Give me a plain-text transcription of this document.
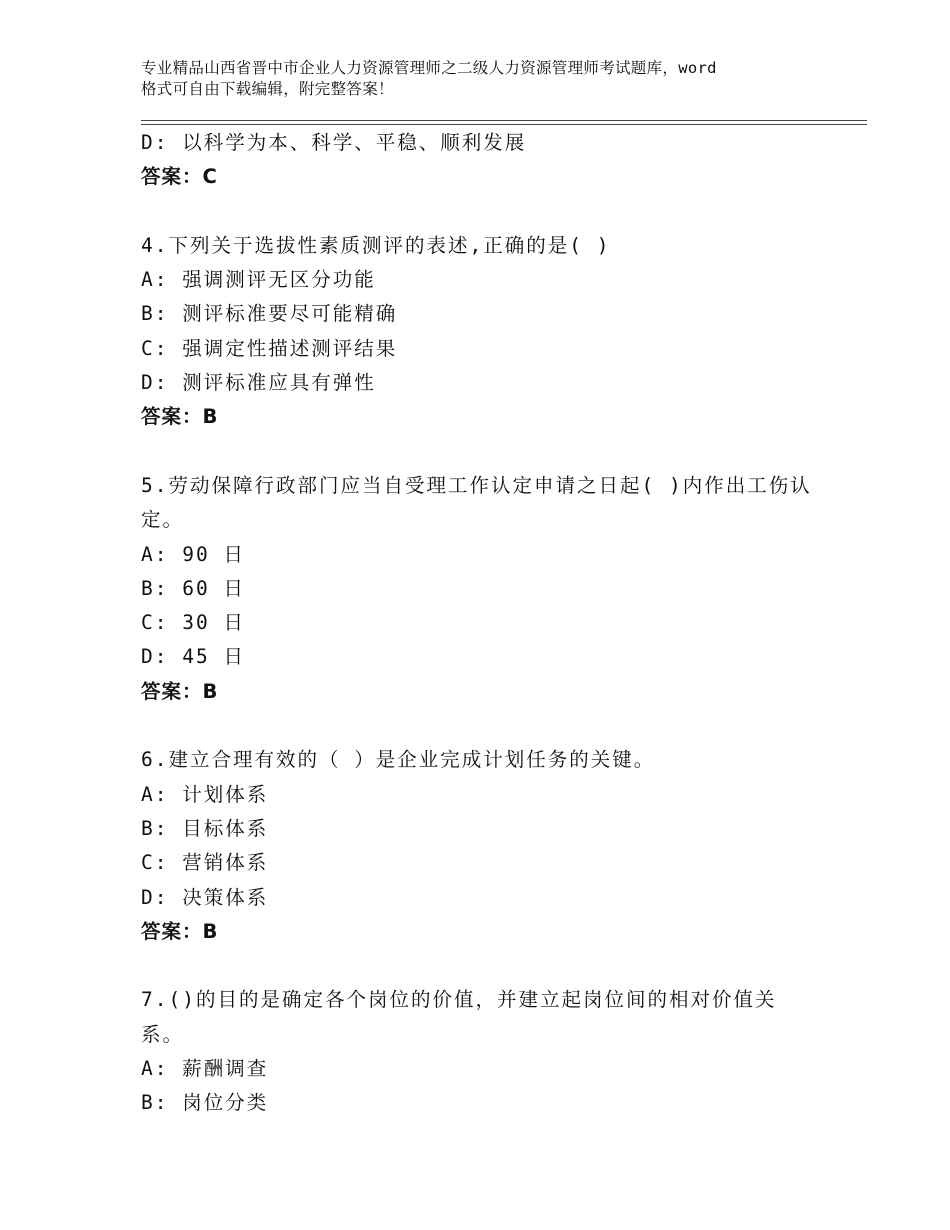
专业精品山西省晋中市企业人力资源管理师之二级人力资源管理师考试题库，word
格式可自由下载编辑，附完整答案！
D: 以科学为本、科学、平稳、顺利发展
答案：C
4.下列关于选拔性素质测评的表述,正确的是( )
A: 强调测评无区分功能
B: 测评标准要尽可能精确
C: 强调定性描述测评结果
D: 测评标准应具有弹性
答案：B
5.劳动保障行政部门应当自受理工作认定申请之日起( )内作出工伤认
定。
A: 90 日
B: 60 日
C: 30 日
D: 45 日
答案：B
6.建立合理有效的（ ）是企业完成计划任务的关键。
A: 计划体系
B: 目标体系
C: 营销体系
D: 决策体系
答案：B
7.()的目的是确定各个岗位的价值，并建立起岗位间的相对价值关
系。
A: 薪酬调查
B: 岗位分类
